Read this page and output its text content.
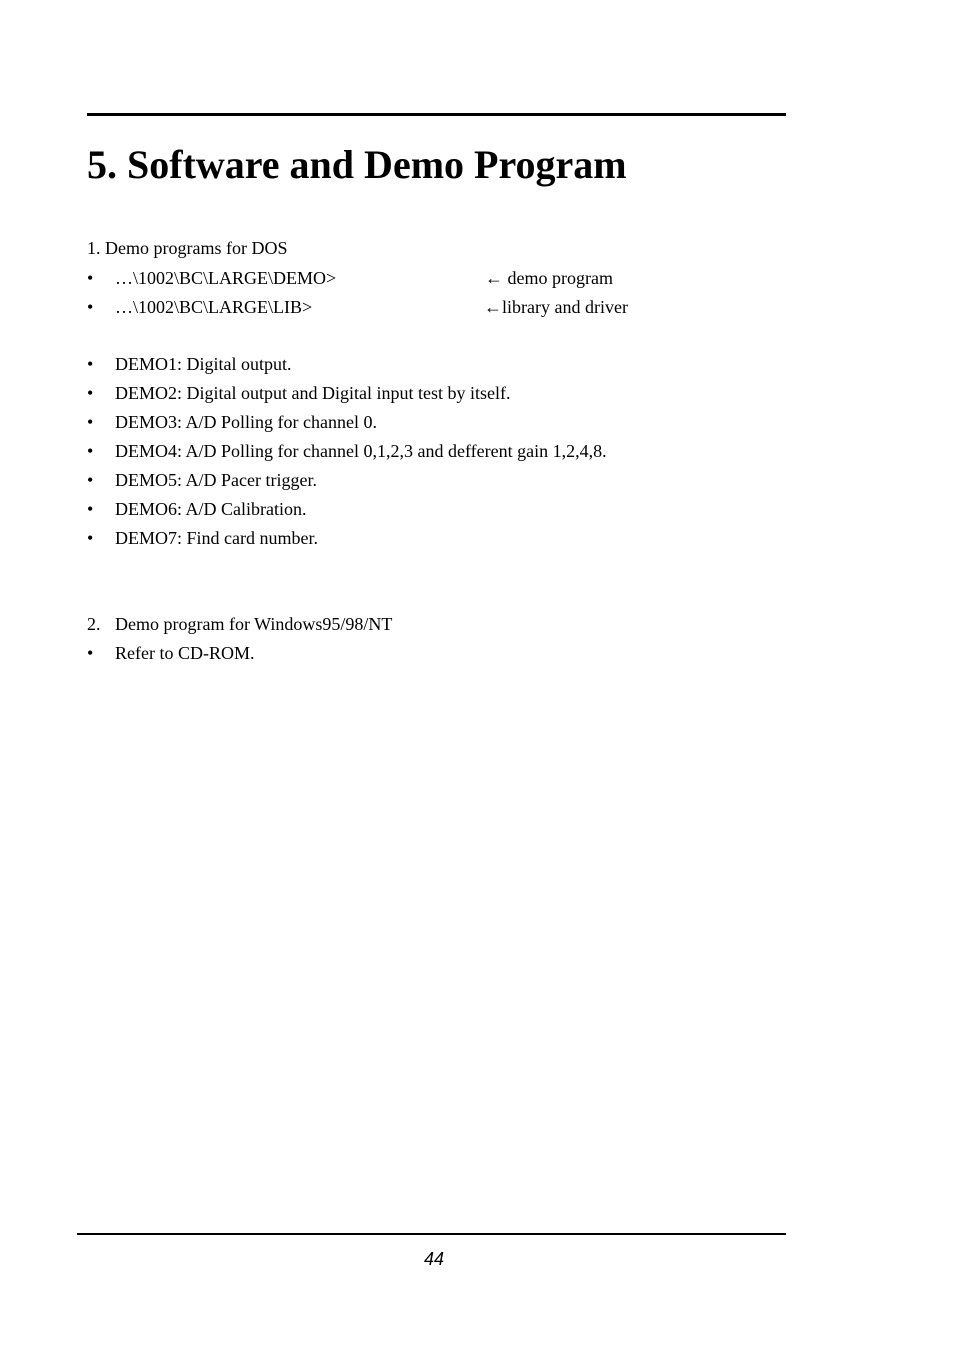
5. Software and Demo Program
1. Demo programs for DOS
• …\1002\BC\LARGE\DEMO>	← demo program
• …\1002\BC\LARGE\LIB>	←library and driver
• DEMO1: Digital output.
• DEMO2: Digital output and Digital input test by itself.
• DEMO3: A/D Polling for channel 0.
• DEMO4: A/D Polling for channel 0,1,2,3 and defferent gain 1,2,4,8.
• DEMO5: A/D Pacer trigger.
• DEMO6: A/D Calibration.
• DEMO7: Find card number.
2. Demo program for Windows95/98/NT
• Refer to CD-ROM.
44
